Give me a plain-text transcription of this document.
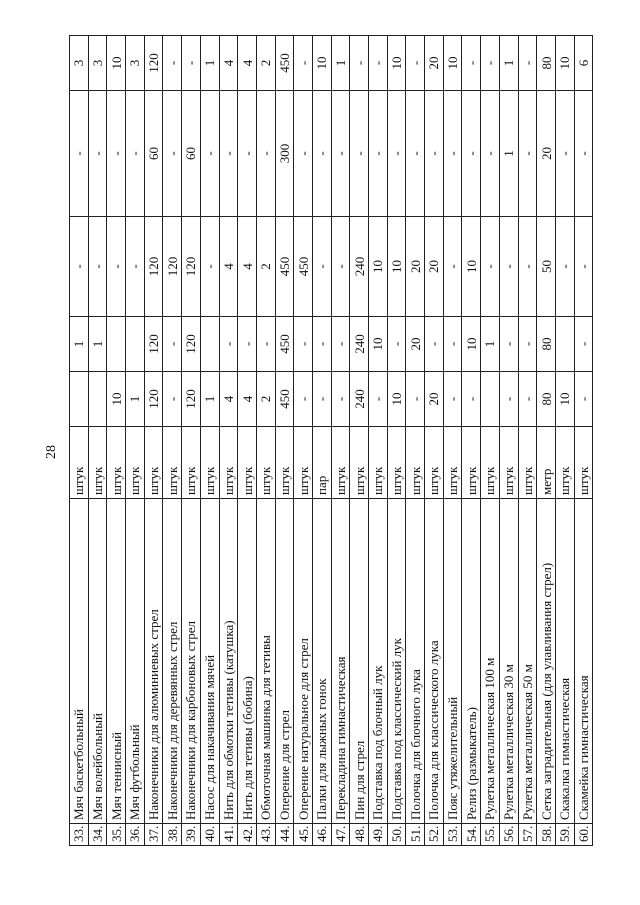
28
33.	Мяч баскетбольный	штук		1	-	-	3
34.	Мяч волейбольный	штук		1	-	-	3
35.	Мяч теннисный	штук	10		-	-	10
36.	Мяч футбольный	штук	1		-	-	3
37.	Наконечники для алюминиевых стрел	штук	120	120	120	60	120
38.	Наконечники для деревянных стрел	штук	-	-	120	-	-
39.	Наконечники для карбоновых стрел	штук	120	120	120	60	-
40.	Насос для накачивания мячей	штук	1		-	-	1
41.	Нить для обмотки тетивы (катушка)	штук	4	-	4	-	4
42.	Нить для тетивы (бобина)	штук	4	-	4	-	4
43.	Обмоточная машинка для тетивы	штук	2	-	2	-	2
44.	Оперение для стрел	штук	450	450	450	300	450
45.	Оперение натуральное для стрел	штук	-	-	450	-	-
46.	Палки для лыжных гонок	пар	-	-	-	-	10
47.	Перекладина гимнастическая	штук	-	-	-	-	1
48.	Пин для стрел	штук	240	240	240	-	-
49.	Подставка под блочный лук	штук	-	10	10	-	-
50.	Подставка под классический лук	штук	10	-	10	-	10
51.	Полочка для блочного лука	штук	-	20	20	-	-
52.	Полочка для классического лука	штук	20	-	20	-	20
53.	Пояс утяжелительный	штук	-	-	-	-	10
54.	Релиз (размыкатель)	штук	-	10	10	-	-
55.	Рулетка металлическая 100 м	штук		1	-	-	-
56.	Рулетка металлическая 30 м	штук	-	-	-	1	1
57.	Рулетка металлическая 50 м	штук	-	-	-	-	-
58.	Сетка заградительная (для улавливания стрел)	метр	80	80	50	20	80
59.	Скакалка гимнастическая	штук	10		-	-	10
60.	Скамейка гимнастическая	штук	-	-	-	-	6
